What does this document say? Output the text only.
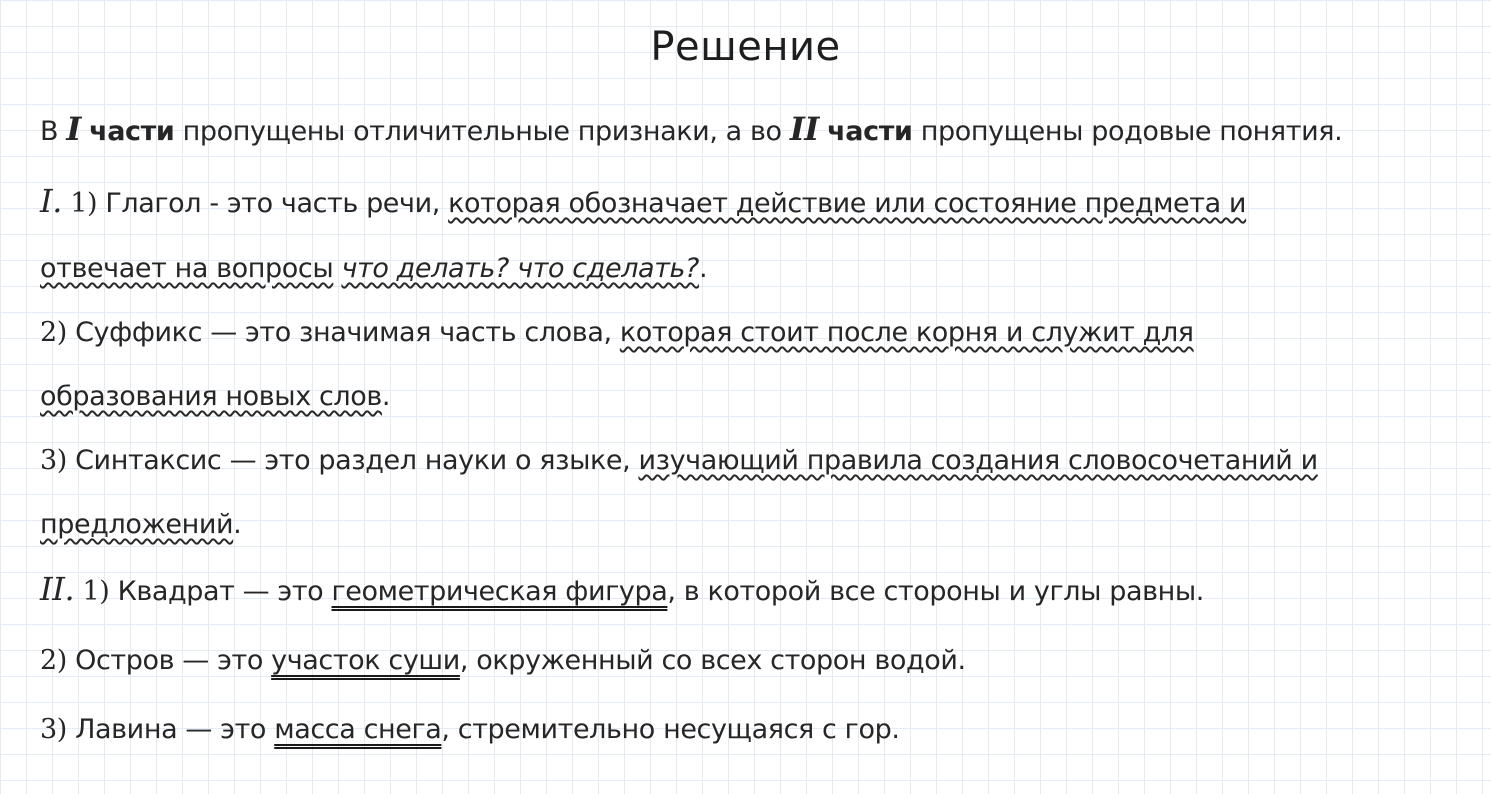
Решение
В I части пропущены отличительные признаки, а во II части пропущены родовые понятия.
I. 1) Глагол - это часть речи, которая обозначает действие или состояние предмета и
отвечает на вопросы что делать? что сделать?.
2) Суффикс — это значимая часть слова, которая стоит после корня и служит для
образования новых слов.
3) Синтаксис — это раздел науки о языке, изучающий правила создания словосочетаний и
предложений.
II. 1) Квадрат — это геометрическая фигура, в которой все стороны и углы равны.
2) Остров — это участок суши, окруженный со всех сторон водой.
3) Лавина — это масса снега, стремительно несущаяся с гор.
